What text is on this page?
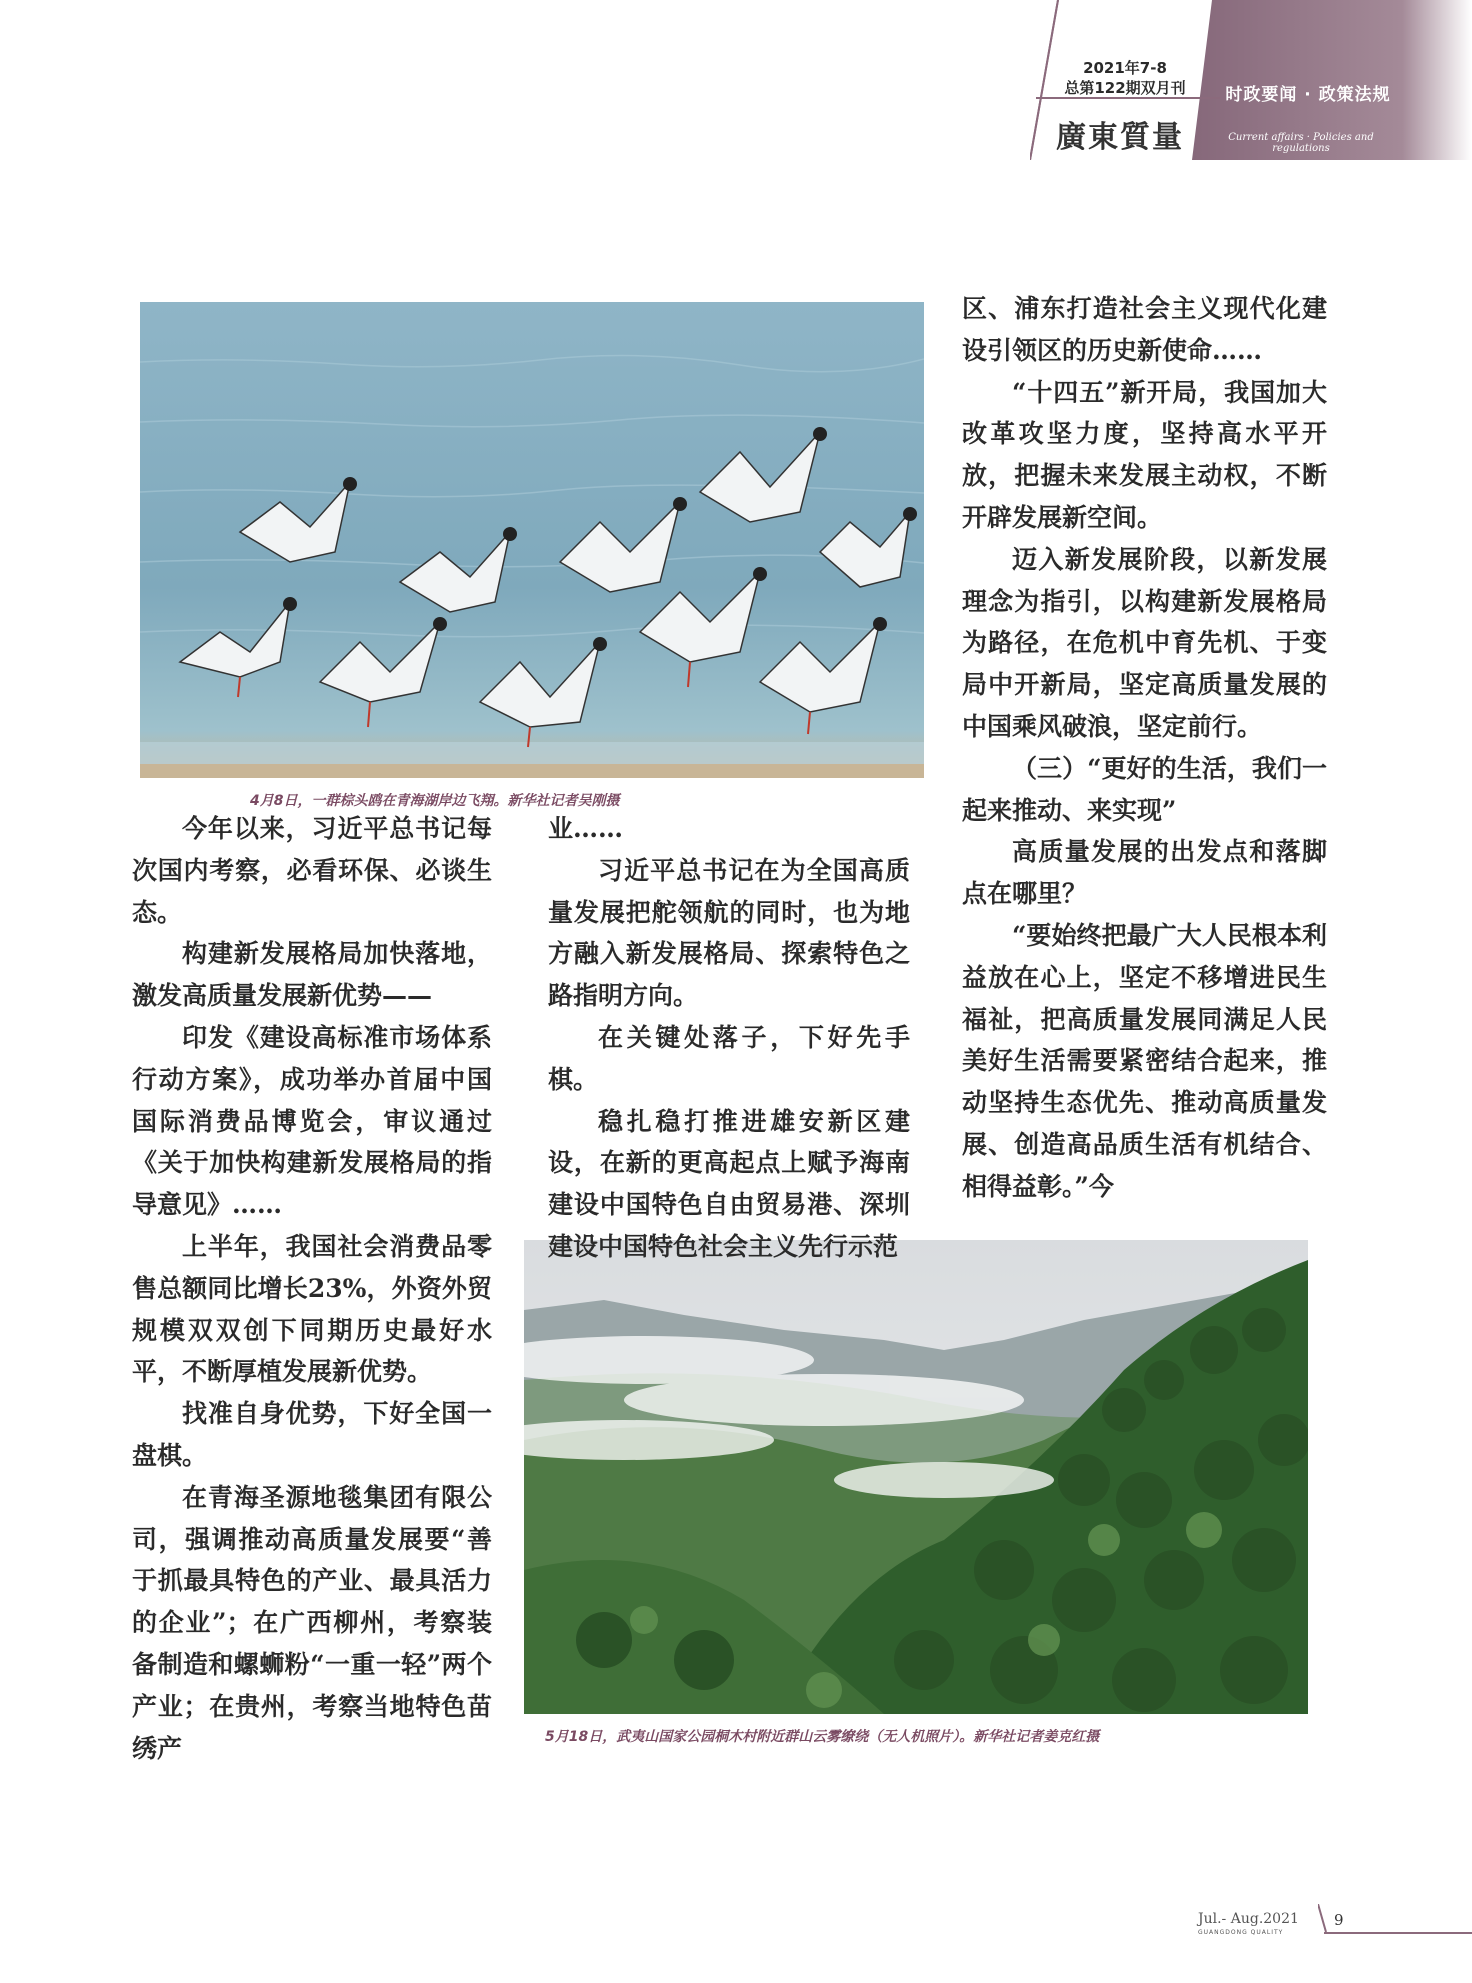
2021年7-8
总第122期双月刊
廣東質量
时政要闻 · 政策法规
Current affairs · Policies and regulations
4月8日，一群棕头鸥在青海湖岸边飞翔。新华社记者吴刚摄
5月18日，武夷山国家公园桐木村附近群山云雾缭绕（无人机照片）。新华社记者姜克红摄

今年以来，习近平总书记每次国内考察，必看环保、必谈生态。

构建新发展格局加快落地，激发高质量发展新优势——

印发《建设高标准市场体系行动方案》，成功举办首届中国国际消费品博览会，审议通过《关于加快构建新发展格局的指导意见》……

上半年，我国社会消费品零售总额同比增长23%，外资外贸规模双双创下同期历史最好水平，不断厚植发展新优势。

找准自身优势，下好全国一盘棋。

在青海圣源地毯集团有限公司，强调推动高质量发展要“善于抓最具特色的产业、最具活力的企业”；在广西柳州，考察装备制造和螺蛳粉“一重一轻”两个产业；在贵州，考察当地特色苗绣产

业……

习近平总书记在为全国高质量发展把舵领航的同时，也为地方融入新发展格局、探索特色之路指明方向。

在关键处落子，下好先手棋。

稳扎稳打推进雄安新区建设，在新的更高起点上赋予海南建设中国特色自由贸易港、深圳建设中国特色社会主义先行示范

区、浦东打造社会主义现代化建设引领区的历史新使命……

“十四五”新开局，我国加大改革攻坚力度，坚持高水平开放，把握未来发展主动权，不断开辟发展新空间。

迈入新发展阶段，以新发展理念为指引，以构建新发展格局为路径，在危机中育先机、于变局中开新局，坚定高质量发展的中国乘风破浪，坚定前行。

（三）“更好的生活，我们一起来推动、来实现”

高质量发展的出发点和落脚点在哪里？

“要始终把最广大人民根本利益放在心上，坚定不移增进民生福祉，把高质量发展同满足人民美好生活需要紧密结合起来，推动坚持生态优先、推动高质量发展、创造高品质生活有机结合、相得益彰。”今

Jul.- Aug.2021
GUANGDONG QUALITY
9
